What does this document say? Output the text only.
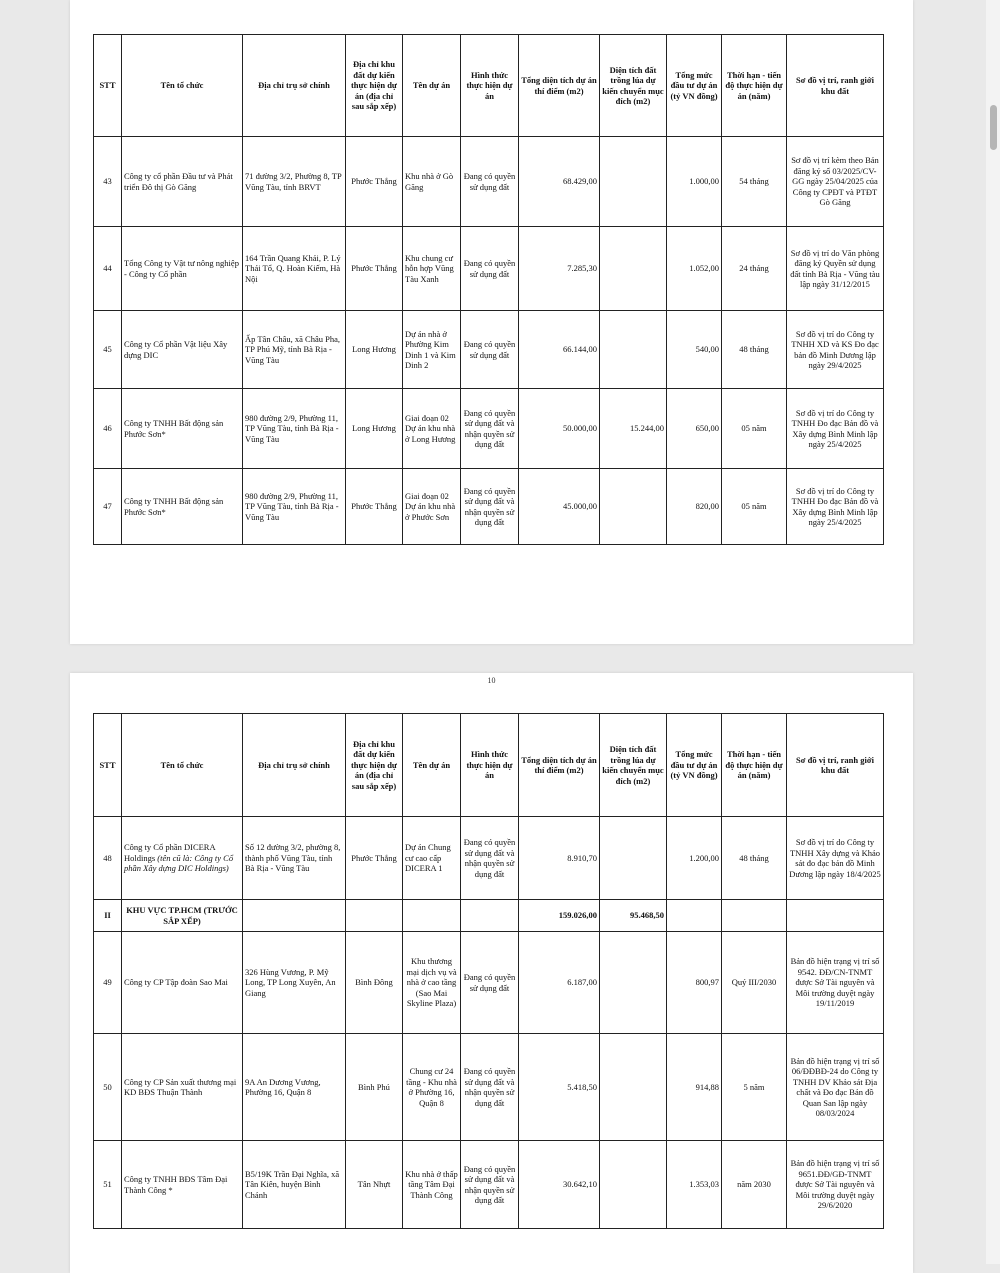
STT	Tên tổ chức	Địa chỉ trụ sở chính	Địa chỉ khu đất dự kiến thực hiện dự án (địa chỉ sau sắp xếp)	Tên dự án	Hình thức thực hiện dự án	Tổng diện tích dự án thí điểm (m2)	Diện tích đất trồng lúa dự kiến chuyển mục đích (m2)	Tổng mức đầu tư dự án (tỷ VN đồng)	Thời hạn - tiến độ thực hiện dự án (năm)	Sơ đồ vị trí, ranh giới khu đất
43	Công ty cổ phần Đầu tư và Phát triển Đô thị Gò Găng	71 đường 3/2, Phường 8, TP Vũng Tàu, tỉnh BRVT	Phước Thắng	Khu nhà ở Gò Găng	Đang có quyền sử dụng đất	68.429,00		1.000,00	54 tháng	Sơ đồ vị trí kèm theo Bản đăng ký số 03/2025/CV-GG ngày 25/04/2025 của Công ty CPĐT và PTĐT Gò Găng
44	Tổng Công ty Vật tư nông nghiệp - Công ty Cổ phần	164 Trần Quang Khải, P. Lý Thái Tổ, Q. Hoàn Kiếm, Hà Nội	Phước Thắng	Khu chung cư hỗn hợp Vũng Tàu Xanh	Đang có quyền sử dụng đất	7.285,30		1.052,00	24 tháng	Sơ đồ vị trí do Văn phòng đăng ký Quyền sử dụng đất tỉnh Bà Rịa - Vũng tàu lập ngày 31/12/2015
45	Công ty Cổ phần Vật liệu Xây dựng DIC	Ấp Tân Châu, xã Châu Pha, TP Phú Mỹ, tỉnh Bà Rịa - Vũng Tàu	Long Hương	Dự án nhà ở Phường Kim Dinh 1 và Kim Dinh 2	Đang có quyền sử dụng đất	66.144,00		540,00	48 tháng	Sơ đồ vị trí do Công ty TNHH XD và KS Đo đạc bản đồ Minh Dương lập ngày 29/4/2025
46	Công ty TNHH Bất động sản Phước Sơn*	980 đường 2/9, Phường 11, TP Vũng Tàu, tỉnh Bà Rịa - Vũng Tàu	Long Hương	Giai đoạn 02 Dự án khu nhà ở Long Hương	Đang có quyền sử dụng đất và nhận quyền sử dụng đất	50.000,00	15.244,00	650,00	05 năm	Sơ đồ vị trí do Công ty TNHH Đo đạc Bản đồ và Xây dựng Bình Minh lập ngày 25/4/2025
47	Công ty TNHH Bất động sản Phước Sơn*	980 đường 2/9, Phường 11, TP Vũng Tàu, tỉnh Bà Rịa - Vũng Tàu	Phước Thắng	Giai đoạn 02 Dự án khu nhà ở Phước Sơn	Đang có quyền sử dụng đất và nhận quyền sử dụng đất	45.000,00		820,00	05 năm	Sơ đồ vị trí do Công ty TNHH Đo đạc Bản đồ và Xây dựng Bình Minh lập ngày 25/4/2025
10
STT	Tên tổ chức	Địa chỉ trụ sở chính	Địa chỉ khu đất dự kiến thực hiện dự án (địa chỉ sau sắp xếp)	Tên dự án	Hình thức thực hiện dự án	Tổng diện tích dự án thí điểm (m2)	Diện tích đất trồng lúa dự kiến chuyển mục đích (m2)	Tổng mức đầu tư dự án (tỷ VN đồng)	Thời hạn - tiến độ thực hiện dự án (năm)	Sơ đồ vị trí, ranh giới khu đất
48	Công ty Cổ phần DICERA Holdings (tên cũ là: Công ty Cổ phần Xây dựng DIC Holdings)	Số 12 đường 3/2, phường 8, thành phố Vũng Tàu, tỉnh Bà Rịa - Vũng Tàu	Phước Thắng	Dự án Chung cư cao cấp DICERA 1	Đang có quyền sử dụng đất và nhận quyền sử dụng đất	8.910,70		1.200,00	48 tháng	Sơ đồ vị trí do Công ty TNHH Xây dựng và Khảo sát đo đạc bản đồ Minh Dương lập ngày 18/4/2025
II	KHU VỰC TP.HCM (TRƯỚC SẮP XẾP)					159.026,00	95.468,50			
49	Công ty CP Tập đoàn Sao Mai	326 Hùng Vương, P. Mỹ Long, TP Long Xuyên, An Giang	Bình Đông	Khu thương mại dịch vụ và nhà ở cao tầng (Sao Mai Skyline Plaza)	Đang có quyền sử dụng đất	6.187,00		800,97	Quý III/2030	Bản đồ hiện trạng vị trí số 9542. ĐĐ/CN-TNMT được Sở Tài nguyên và Môi trường duyệt ngày 19/11/2019
50	Công ty CP Sản xuất thương mại KD BĐS Thuận Thành	9A An Dương Vương, Phường 16, Quận 8	Bình Phú	Chung cư 24 tầng - Khu nhà ở Phường 16, Quận 8	Đang có quyền sử dụng đất và nhận quyền sử dụng đất	5.418,50		914,88	5 năm	Bản đồ hiện trạng vị trí số 06/ĐĐBĐ-24 do Công ty TNHH DV Khảo sát Địa chất và Đo đạc Bản đồ Quan San lập ngày 08/03/2024
51	Công ty TNHH BĐS Tâm Đại Thành Công *	B5/19K Trần Đại Nghĩa, xã Tân Kiên, huyện Bình Chánh	Tân Nhựt	Khu nhà ở thấp tầng Tâm Đại Thành Công	Đang có quyền sử dụng đất và nhận quyền sử dụng đất	30.642,10		1.353,03	năm 2030	Bản đồ hiện trạng vị trí số 9651.ĐĐ/GĐ-TNMT được Sở Tài nguyên và Môi trường duyệt ngày 29/6/2020
